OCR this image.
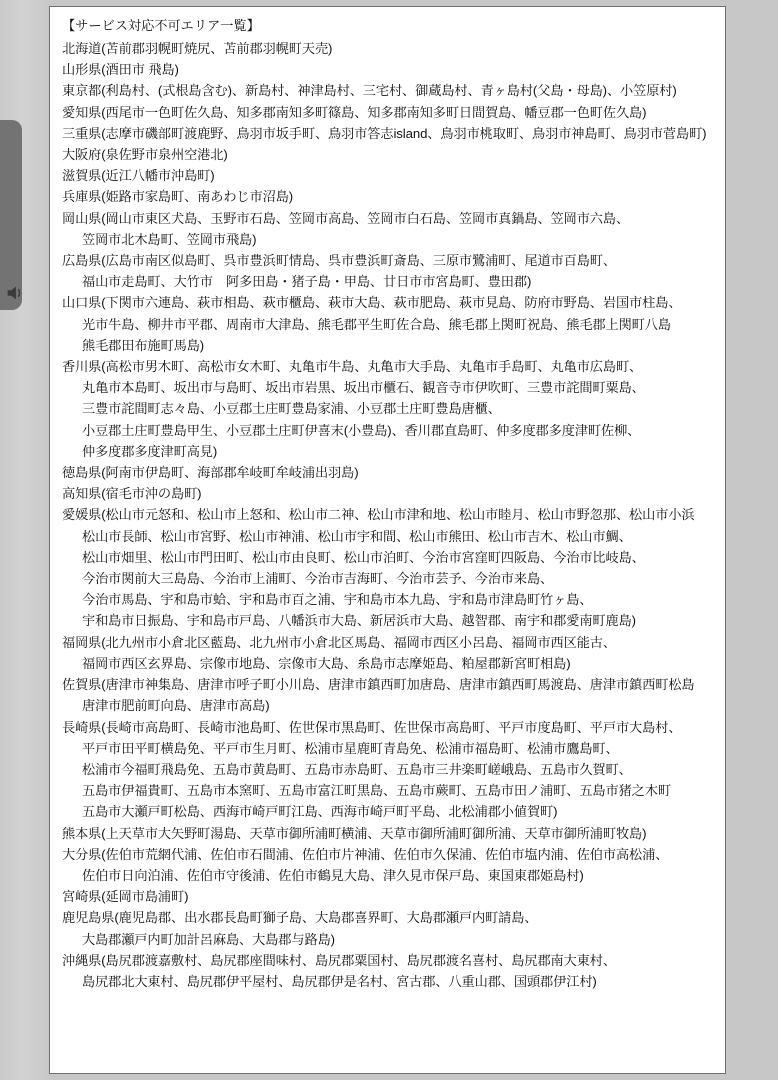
【サービス対応不可エリア一覧】
北海道(苫前郡羽幌町焼尻、苫前郡羽幌町天売)
山形県(酒田市 飛島)
東京都(利島村、(式根島含む)、新島村、神津島村、三宅村、御蔵島村、青ヶ島村(父島・母島)、小笠原村)
愛知県(西尾市一色町佐久島、知多郡南知多町篠島、知多郡南知多町日間賀島、幡豆郡一色町佐久島)
三重県(志摩市磯部町渡鹿野、鳥羽市坂手町、鳥羽市答志island、鳥羽市桃取町、鳥羽市神島町、鳥羽市菅島町)
大阪府(泉佐野市泉州空港北)
滋賀県(近江八幡市沖島町)
兵庫県(姫路市家島町、南あわじ市沼島)
岡山県(岡山市東区犬島、玉野市石島、笠岡市高島、笠岡市白石島、笠岡市真鍋島、笠岡市六島、
笠岡市北木島町、笠岡市飛島)
広島県(広島市南区似島町、呉市豊浜町情島、呉市豊浜町斎島、三原市鷺浦町、尾道市百島町、
福山市走島町、大竹市　阿多田島・猪子島・甲島、廿日市市宮島町、豊田郡)
山口県(下関市六連島、萩市相島、萩市櫃島、萩市大島、萩市肥島、萩市見島、防府市野島、岩国市柱島、
光市牛島、柳井市平郡、周南市大津島、熊毛郡平生町佐合島、熊毛郡上関町祝島、熊毛郡上関町八島
熊毛郡田布施町馬島)
香川県(高松市男木町、高松市女木町、丸亀市牛島、丸亀市大手島、丸亀市手島町、丸亀市広島町、
丸亀市本島町、坂出市与島町、坂出市岩黒、坂出市櫃石、観音寺市伊吹町、三豊市詫間町粟島、
三豊市詫間町志々島、小豆郡土庄町豊島家浦、小豆郡土庄町豊島唐櫃、
小豆郡土庄町豊島甲生、小豆郡土庄町伊喜末(小豊島)、香川郡直島町、仲多度郡多度津町佐柳、
仲多度郡多度津町高見)
徳島県(阿南市伊島町、海部郡牟岐町牟岐浦出羽島)
高知県(宿毛市沖の島町)
愛媛県(松山市元怒和、松山市上怒和、松山市二神、松山市津和地、松山市睦月、松山市野忽那、松山市小浜
松山市長師、松山市宮野、松山市神浦、松山市宇和間、松山市熊田、松山市吉木、松山市鯛、
松山市畑里、松山市門田町、松山市由良町、松山市泊町、今治市宮窪町四阪島、今治市比岐島、
今治市関前大三島島、今治市上浦町、今治市吉海町、今治市芸予、今治市来島、
今治市馬島、宇和島市蛤、宇和島市百之浦、宇和島市本九島、宇和島市津島町竹ヶ島、
宇和島市日振島、宇和島市戸島、八幡浜市大島、新居浜市大島、越智郡、南宇和郡愛南町鹿島)
福岡県(北九州市小倉北区藍島、北九州市小倉北区馬島、福岡市西区小呂島、福岡市西区能古、
福岡市西区玄界島、宗像市地島、宗像市大島、糸島市志摩姫島、粕屋郡新宮町相島)
佐賀県(唐津市神集島、唐津市呼子町小川島、唐津市鎮西町加唐島、唐津市鎮西町馬渡島、唐津市鎮西町松島
唐津市肥前町向島、唐津市高島)
長崎県(長崎市高島町、長崎市池島町、佐世保市黒島町、佐世保市高島町、平戸市度島町、平戸市大島村、
平戸市田平町横島免、平戸市生月町、松浦市星鹿町青島免、松浦市福島町、松浦市鷹島町、
松浦市今福町飛島免、五島市黄島町、五島市赤島町、五島市三井楽町嵯峨島、五島市久賀町、
五島市伊福貴町、五島市本窯町、五島市富江町黒島、五島市蕨町、五島市田ノ浦町、五島市猪之木町
五島市大瀬戸町松島、西海市崎戸町江島、西海市崎戸町平島、北松浦郡小値賀町)
熊本県(上天草市大矢野町湯島、天草市御所浦町横浦、天草市御所浦町御所浦、天草市御所浦町牧島)
大分県(佐伯市荒網代浦、佐伯市石間浦、佐伯市片神浦、佐伯市久保浦、佐伯市塩内浦、佐伯市高松浦、
佐伯市日向泊浦、佐伯市守後浦、佐伯市鶴見大島、津久見市保戸島、東国東郡姫島村)
宮崎県(延岡市島浦町)
鹿児島県(鹿児島郡、出水郡長島町獅子島、大島郡喜界町、大島郡瀬戸内町請島、
大島郡瀬戸内町加計呂麻島、大島郡与路島)
沖縄県(島尻郡渡嘉敷村、島尻郡座間味村、島尻郡粟国村、島尻郡渡名喜村、島尻郡南大東村、
島尻郡北大東村、島尻郡伊平屋村、島尻郡伊是名村、宮古郡、八重山郡、国頭郡伊江村)
